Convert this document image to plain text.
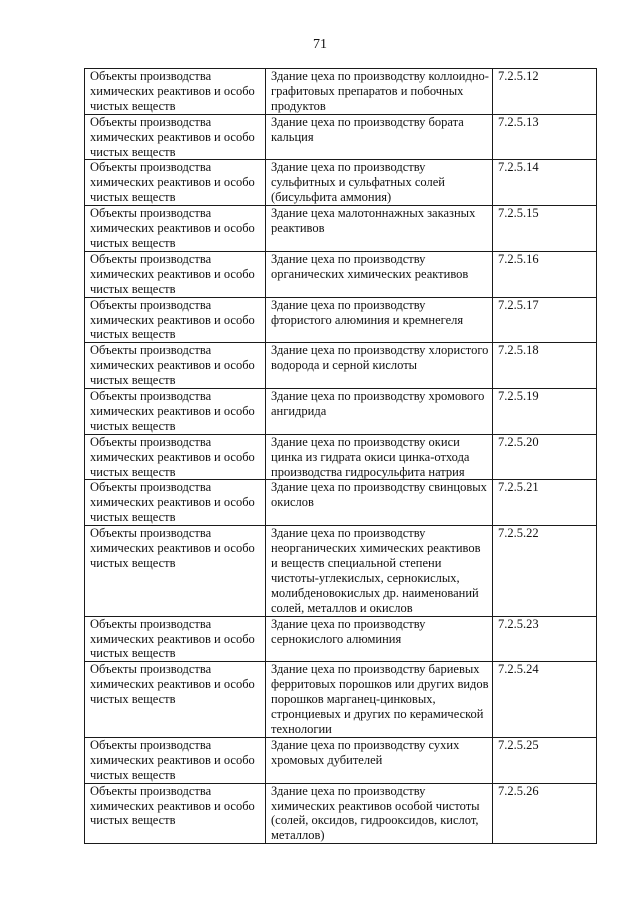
71
Объекты производства химических реактивов и особо чистых веществ	Здание цеха по производству коллоидно-графитовых препаратов и побочных продуктов	7.2.5.12
Объекты производства химических реактивов и особо чистых веществ	Здание цеха по производству бората кальция	7.2.5.13
Объекты производства химических реактивов и особо чистых веществ	Здание цеха по производству сульфитных и сульфатных солей (бисульфита аммония)	7.2.5.14
Объекты производства химических реактивов и особо чистых веществ	Здание цеха малотоннажных заказных реактивов	7.2.5.15
Объекты производства химических реактивов и особо чистых веществ	Здание цеха по производству органических химических реактивов	7.2.5.16
Объекты производства химических реактивов и особо чистых веществ	Здание цеха по производству фтористого алюминия и кремнегеля	7.2.5.17
Объекты производства химических реактивов и особо чистых веществ	Здание цеха по производству хлористого водорода и серной кислоты	7.2.5.18
Объекты производства химических реактивов и особо чистых веществ	Здание цеха по производству хромового ангидрида	7.2.5.19
Объекты производства химических реактивов и особо чистых веществ	Здание цеха по производству окиси цинка из гидрата окиси цинка-отхода производства гидросульфита натрия	7.2.5.20
Объекты производства химических реактивов и особо чистых веществ	Здание цеха по производству свинцовых окислов	7.2.5.21
Объекты производства химических реактивов и особо чистых веществ	Здание цеха по производству неорганических химических реактивов и веществ специальной степени чистоты-углекислых, сернокислых, молибденовокислых др. наименований солей, металлов и окислов	7.2.5.22
Объекты производства химических реактивов и особо чистых веществ	Здание цеха по производству сернокислого алюминия	7.2.5.23
Объекты производства химических реактивов и особо чистых веществ	Здание цеха по производству бариевых ферритовых порошков или других видов порошков марганец-цинковых, стронциевых и других по керамической технологии	7.2.5.24
Объекты производства химических реактивов и особо чистых веществ	Здание цеха по производству сухих хромовых дубителей	7.2.5.25
Объекты производства химических реактивов и особо чистых веществ	Здание цеха по производству химических реактивов особой чистоты (солей, оксидов, гидрооксидов, кислот, металлов)	7.2.5.26
